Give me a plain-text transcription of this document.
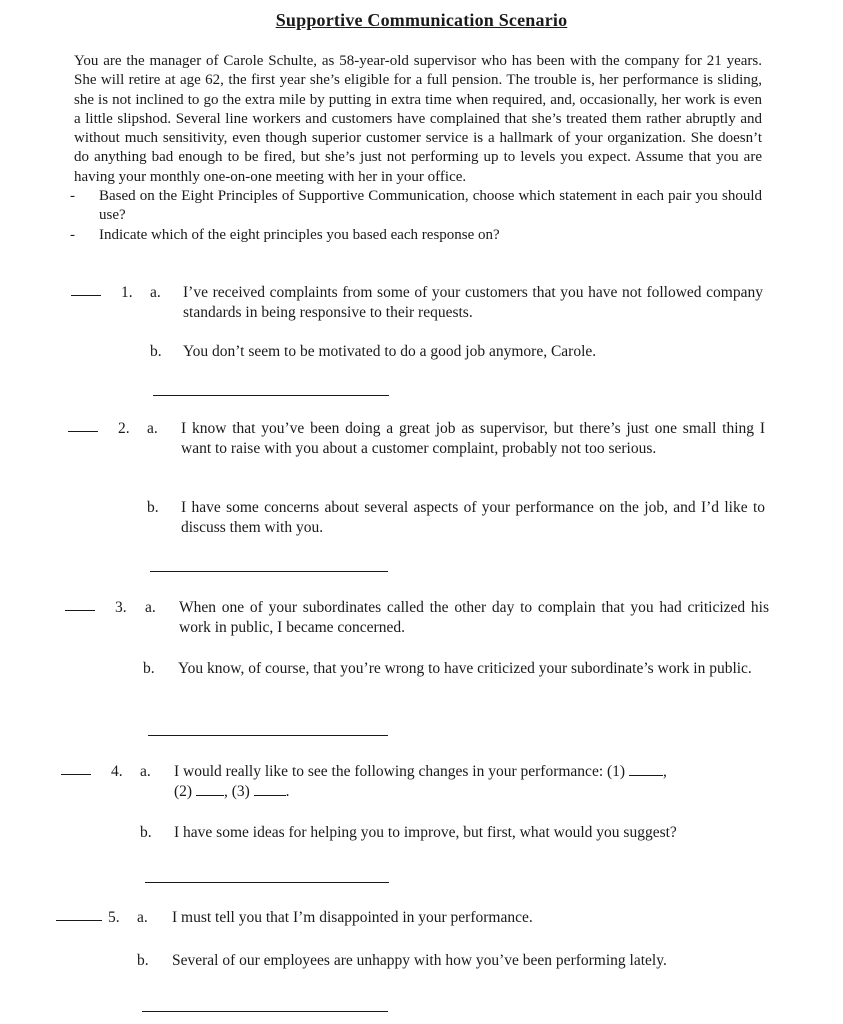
Supportive Communication Scenario

You are the manager of Carole Schulte, as 58-year-old supervisor who has been with the company for 21 years. She will retire at age 62, the first year she’s eligible for a full pension. The trouble is, her performance is sliding, she is not inclined to go the extra mile by putting in extra time when required, and, occasionally, her work is even a little slipshod. Several line workers and customers have complained that she’s treated them rather abruptly and without much sensitivity, even though superior customer service is a hallmark of your organization. She doesn’t do anything bad enough to be fired, but she’s just not performing up to levels you expect. Assume that you are having your monthly one-on-one meeting with her in your office.

- Based on the Eight Principles of Supportive Communication, choose which statement in each pair you should use?
- Indicate which of the eight principles you based each response on?
1. a. I’ve received complaints from some of your customers that you have not followed company standards in being responsive to their requests.
b. You don’t seem to be motivated to do a good job anymore, Carole.
2. a. I know that you’ve been doing a great job as supervisor, but there’s just one small thing I want to raise with you about a customer complaint, probably not too serious.
b. I have some concerns about several aspects of your performance on the job, and I’d like to discuss them with you.
3. a. When one of your subordinates called the other day to complain that you had criticized his work in public, I became concerned.
b. You know, of course, that you’re wrong to have criticized your subordinate’s work in public.
4. a. I would really like to see the following changes in your performance: (1) ,
(2) , (3) .
b. I have some ideas for helping you to improve, but first, what would you suggest?
5. a. I must tell you that I’m disappointed in your performance.
b. Several of our employees are unhappy with how you’ve been performing lately.
